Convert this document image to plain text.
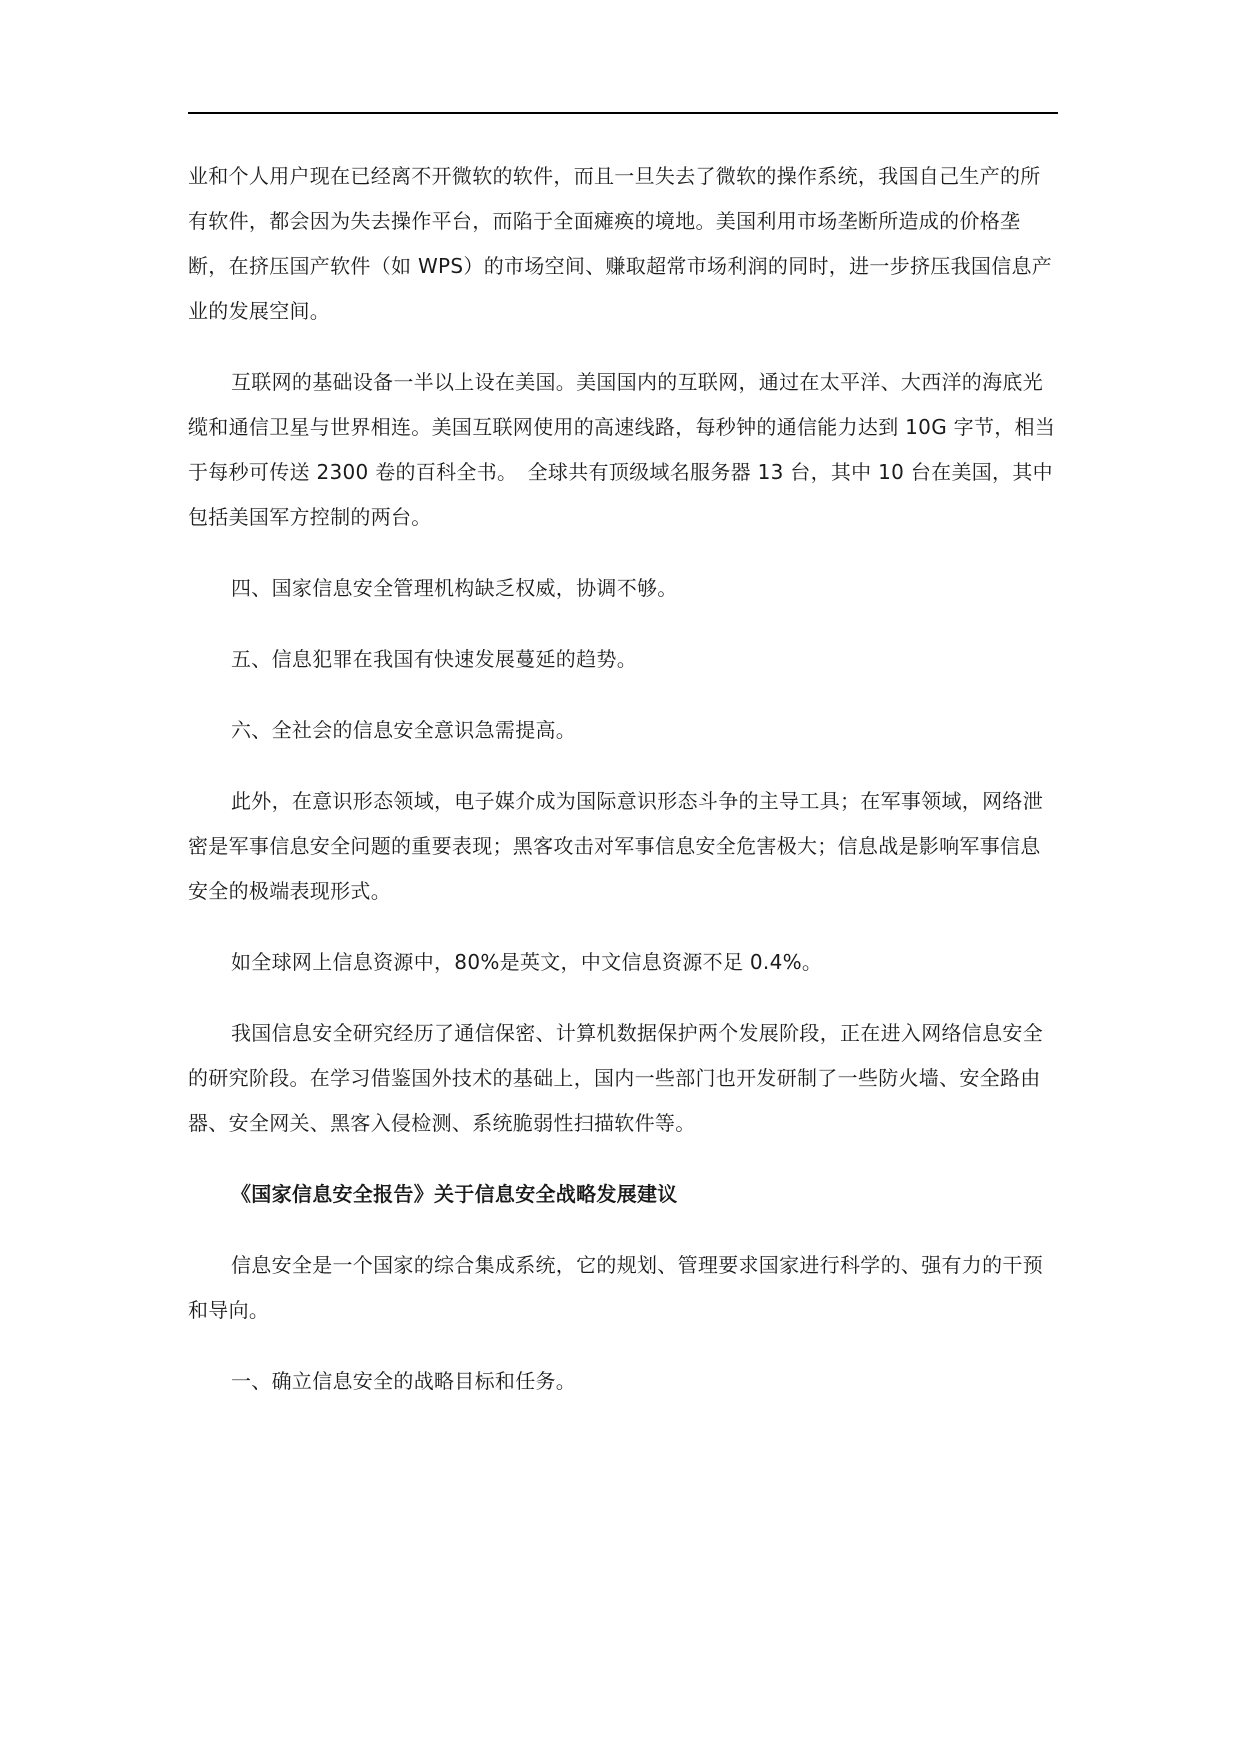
业和个人用户现在已经离不开微软的软件，而且一旦失去了微软的操作系统，我国自己生产的所有软件，都会因为失去操作平台，而陷于全面瘫痪的境地。美国利用市场垄断所造成的价格垄断，在挤压国产软件（如 WPS）的市场空间、赚取超常市场利润的同时，进一步挤压我国信息产业的发展空间。

互联网的基础设备一半以上设在美国。美国国内的互联网，通过在太平洋、大西洋的海底光缆和通信卫星与世界相连。美国互联网使用的高速线路，每秒钟的通信能力达到 10G 字节，相当于每秒可传送 2300 卷的百科全书。　全球共有顶级域名服务器 13 台，其中 10 台在美国，其中包括美国军方控制的两台。

四、国家信息安全管理机构缺乏权威，协调不够。

五、信息犯罪在我国有快速发展蔓延的趋势。

六、全社会的信息安全意识急需提高。

此外，在意识形态领域，电子媒介成为国际意识形态斗争的主导工具；在军事领域，网络泄密是军事信息安全问题的重要表现；黑客攻击对军事信息安全危害极大；信息战是影响军事信息安全的极端表现形式。

如全球网上信息资源中，80%是英文，中文信息资源不足 0.4%。

我国信息安全研究经历了通信保密、计算机数据保护两个发展阶段，正在进入网络信息安全的研究阶段。在学习借鉴国外技术的基础上，国内一些部门也开发研制了一些防火墙、安全路由器、安全网关、黑客入侵检测、系统脆弱性扫描软件等。

《国家信息安全报告》关于信息安全战略发展建议

信息安全是一个国家的综合集成系统，它的规划、管理要求国家进行科学的、强有力的干预和导向。

一、确立信息安全的战略目标和任务。
